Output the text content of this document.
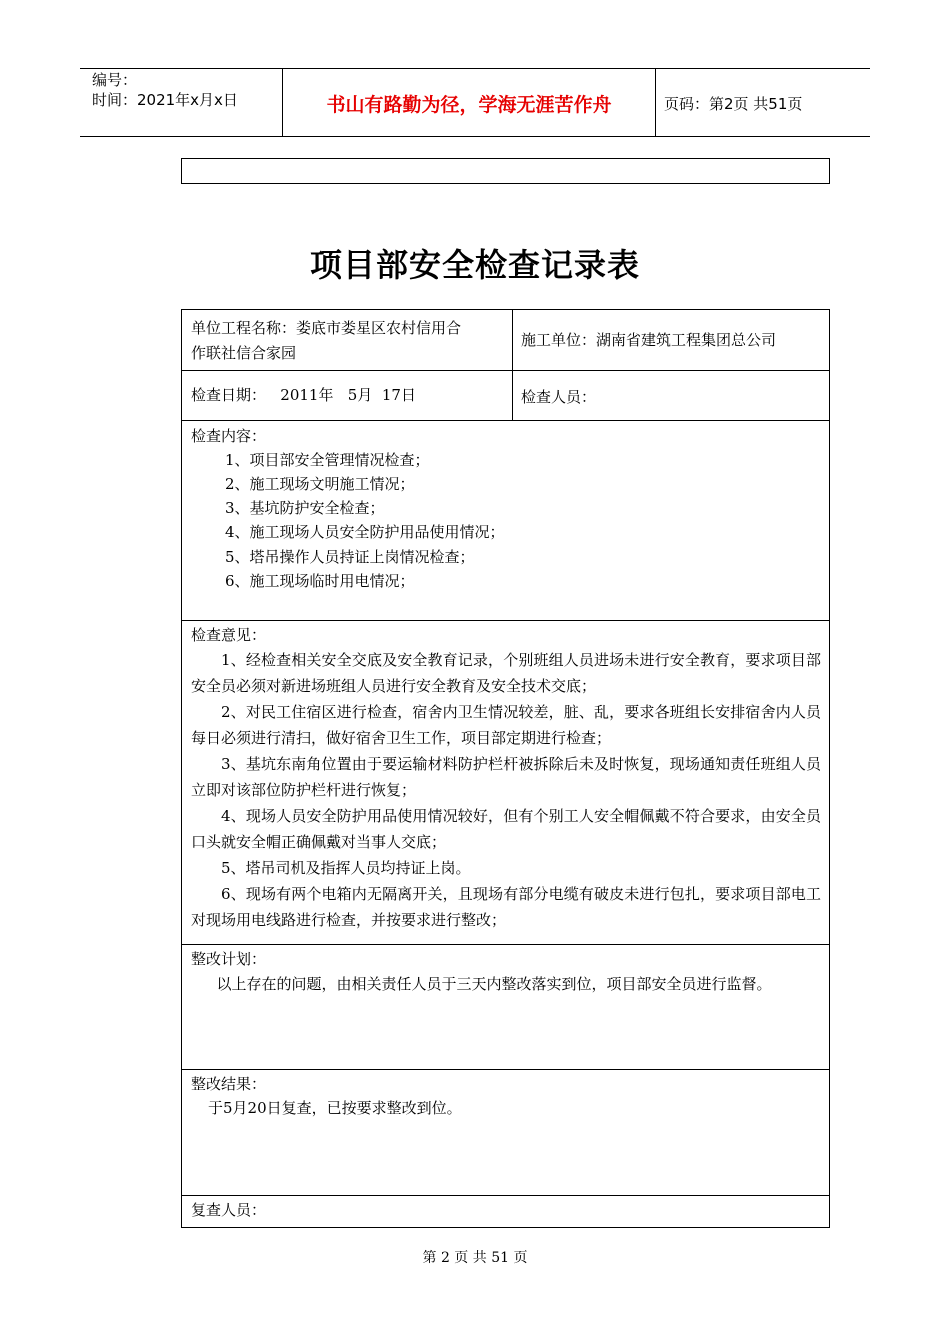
编号：
时间：2021年x月x日	书山有路勤为径，学海无涯苦作舟	页码：第2页 共51页
项目部安全检查记录表
单位工程名称：娄底市娄星区农村信用合
作联社信合家园
施工单位：湖南省建筑工程集团总公司
检查日期：   2011年   5月  17日	检查人员：
检查内容：
1、项目部安全管理情况检查；
2、施工现场文明施工情况；
3、基坑防护安全检查；
4、施工现场人员安全防护用品使用情况；
5、塔吊操作人员持证上岗情况检查；
6、施工现场临时用电情况；
检查意见：

1、经检查相关安全交底及安全教育记录，个别班组人员进场未进行安全教育，要求项目部安全员必须对新进场班组人员进行安全教育及安全技术交底；

2、对民工住宿区进行检查，宿舍内卫生情况较差，脏、乱，要求各班组长安排宿舍内人员每日必须进行清扫，做好宿舍卫生工作，项目部定期进行检查；

3、基坑东南角位置由于要运输材料防护栏杆被拆除后未及时恢复，现场通知责任班组人员立即对该部位防护栏杆进行恢复；

4、现场人员安全防护用品使用情况较好，但有个别工人安全帽佩戴不符合要求，由安全员口头就安全帽正确佩戴对当事人交底；

5、塔吊司机及指挥人员均持证上岗。

6、现场有两个电箱内无隔离开关，且现场有部分电缆有破皮未进行包扎，要求项目部电工对现场用电线路进行检查，并按要求进行整改；

整改计划：

以上存在的问题，由相关责任人员于三天内整改落实到位，项目部安全员进行监督。

整改结果：
于5月20日复查，已按要求整改到位。
复查人员：
第 2 页 共 51 页
